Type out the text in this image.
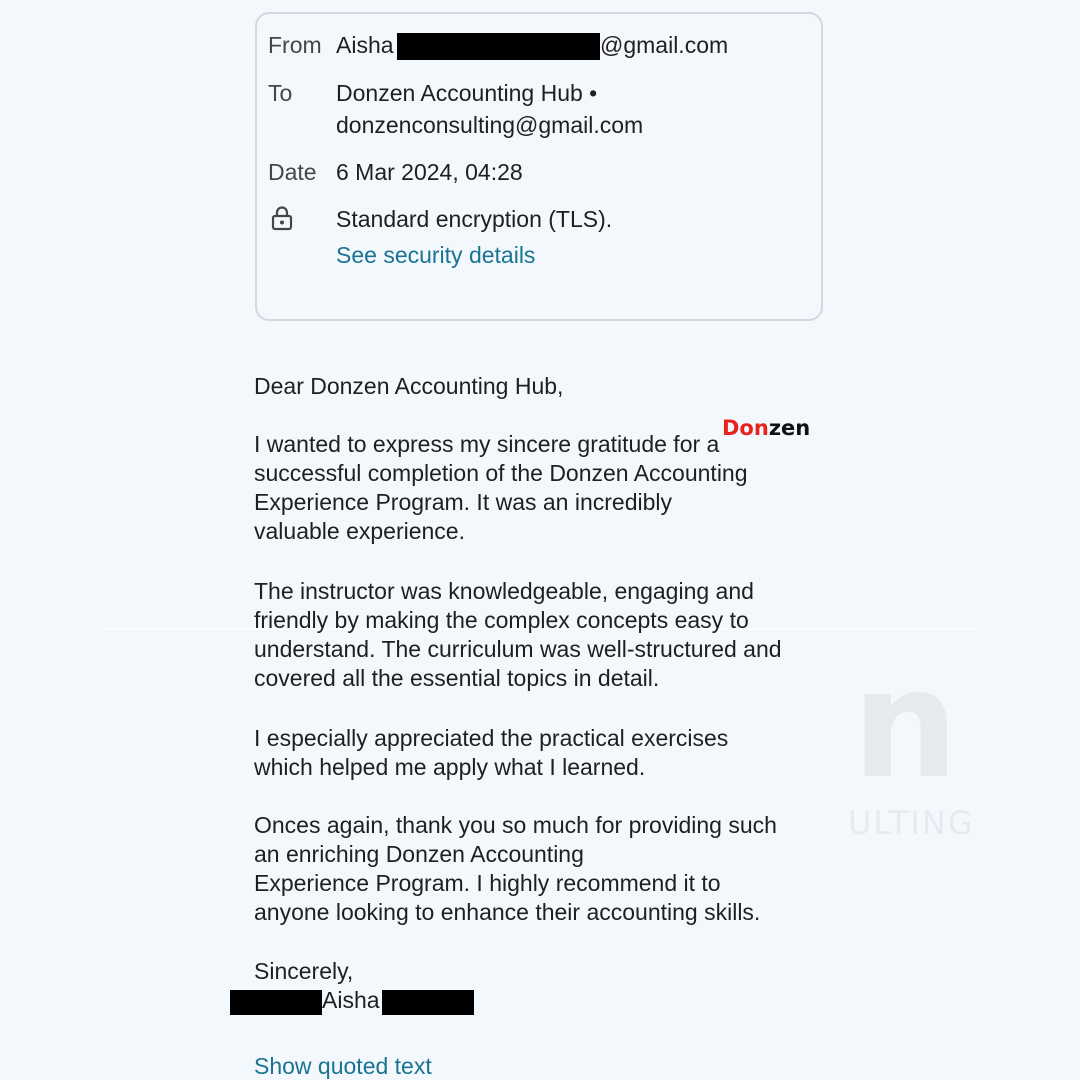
n
ULTING
From Aisha	@gmail.com
To Donzen Accounting Hub •
donzenconsulting@gmail.com
Date 6 Mar 2024, 04:28
Standard encryption (TLS).
See security details
Donzen
Dear Donzen Accounting Hub,
I wanted to express my sincere gratitude for a
successful completion of the Donzen Accounting
Experience Program. It was an incredibly
valuable experience.
The instructor was knowledgeable, engaging and
friendly by making the complex concepts easy to
understand. The curriculum was well-structured and
covered all the essential topics in detail.
I especially appreciated the practical exercises
which helped me apply what I learned.
Onces again, thank you so much for providing such
an enriching Donzen Accounting
Experience Program. I highly recommend it to
anyone looking to enhance their accounting skills.
Sincerely,
Aisha
Show quoted text
